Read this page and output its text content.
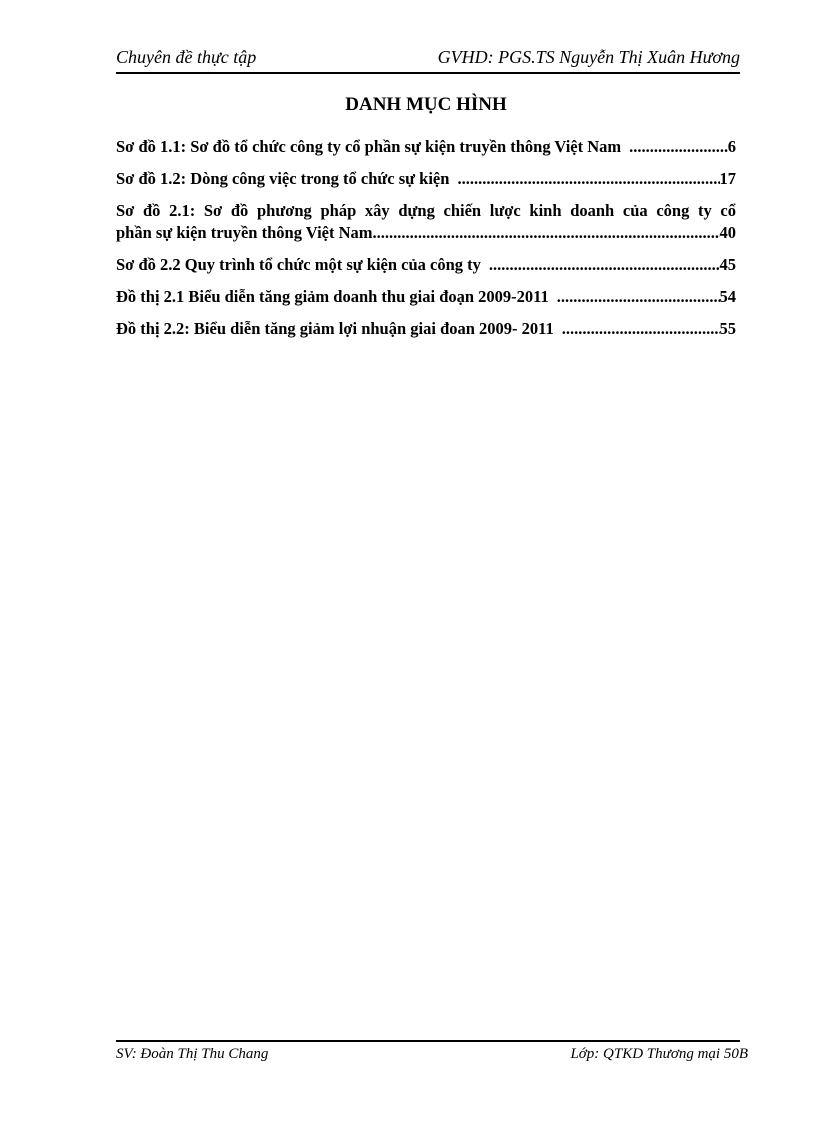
Chuyên đề thực tập	GVHD: PGS.TS Nguyễn Thị Xuân Hương
DANH MỤC HÌNH
Sơ đồ 1.1: Sơ đồ tổ chức công ty cổ phần sự kiện truyền thông Việt Nam .....	6
Sơ đồ 1.2: Dòng công việc trong tổ chức sự kiện .....	17
Sơ đồ 2.1: Sơ đồ phương pháp xây dựng chiến lược kinh doanh của công ty cổ
phần sự kiện truyền thông Việt Nam .....	40
Sơ đồ 2.2 Quy trình tổ chức một sự kiện của công ty .....	45
Đồ thị 2.1 Biểu diễn tăng giảm doanh thu giai đoạn 2009-2011 .....	54
Đồ thị 2.2: Biểu diễn tăng giảm lợi nhuận giai đoan 2009- 2011 .....	55
SV: Đoàn Thị Thu Chang	Lớp: QTKD Thương mại 50B
